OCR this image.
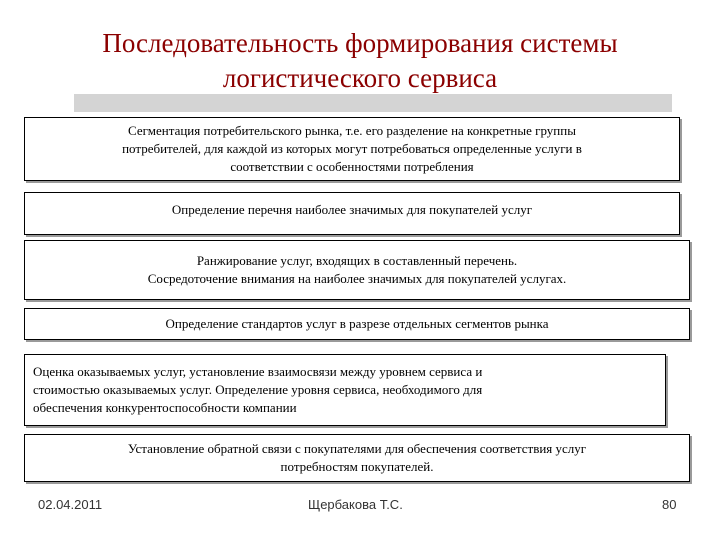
Последовательность формирования системы
логистического сервиса
Сегментация потребительского рынка, т.е. его разделение на конкретные группы
потребителей, для каждой из которых могут потребоваться определенные услуги в
соответствии с особенностями потребления
Определение перечня наиболее значимых для покупателей услуг
Ранжирование услуг, входящих в составленный перечень.
Сосредоточение внимания на наиболее значимых для покупателей услугах.
Определение стандартов услуг в разрезе отдельных сегментов рынка
Оценка оказываемых услуг, установление взаимосвязи между уровнем сервиса и
стоимостью оказываемых услуг. Определение уровня сервиса, необходимого для
обеспечения конкурентоспособности компании
Установление обратной связи с покупателями для обеспечения соответствия услуг
потребностям покупателей.
02.04.2011	Щербакова Т.С.	80
